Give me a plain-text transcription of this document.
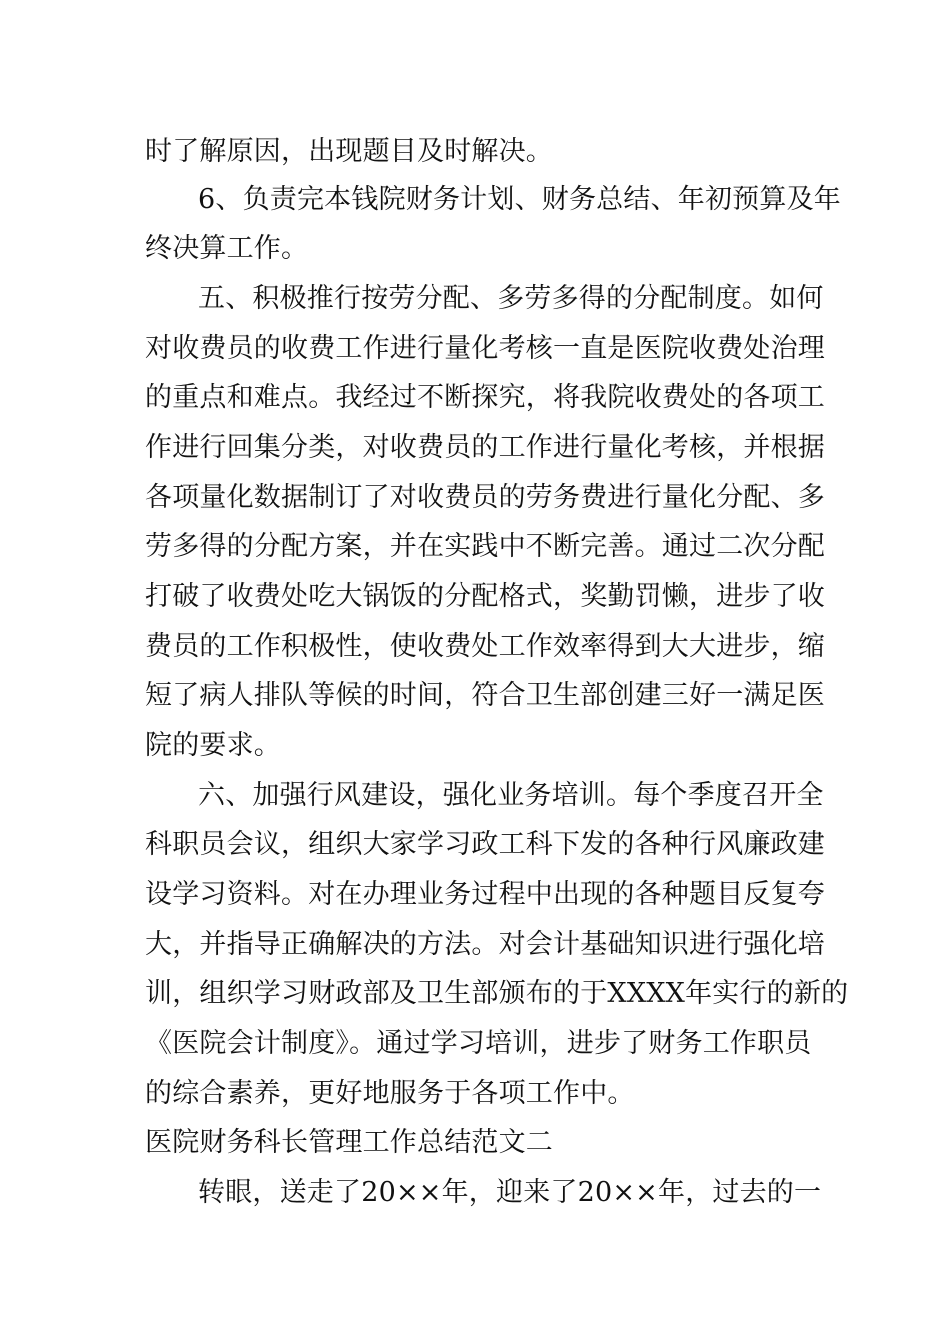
时了解原因，出现题目及时解决。
6、负责完本钱院财务计划、财务总结、年初预算及年
终决算工作。
五、积极推行按劳分配、多劳多得的分配制度。如何
对收费员的收费工作进行量化考核一直是医院收费处治理
的重点和难点。我经过不断探究，将我院收费处的各项工
作进行回集分类，对收费员的工作进行量化考核，并根据
各项量化数据制订了对收费员的劳务费进行量化分配、多
劳多得的分配方案，并在实践中不断完善。通过二次分配
打破了收费处吃大锅饭的分配格式，奖勤罚懒，进步了收
费员的工作积极性，使收费处工作效率得到大大进步，缩
短了病人排队等候的时间，符合卫生部创建三好一满足医
院的要求。
六、加强行风建设，强化业务培训。每个季度召开全
科职员会议，组织大家学习政工科下发的各种行风廉政建
设学习资料。对在办理业务过程中出现的各种题目反复夸
大，并指导正确解决的方法。对会计基础知识进行强化培
训，组织学习财政部及卫生部颁布的于XXXX年实行的新的
《医院会计制度》。通过学习培训，进步了财务工作职员
的综合素养，更好地服务于各项工作中。
医院财务科长管理工作总结范文二
转眼，送走了20××年，迎来了20××年，过去的一
